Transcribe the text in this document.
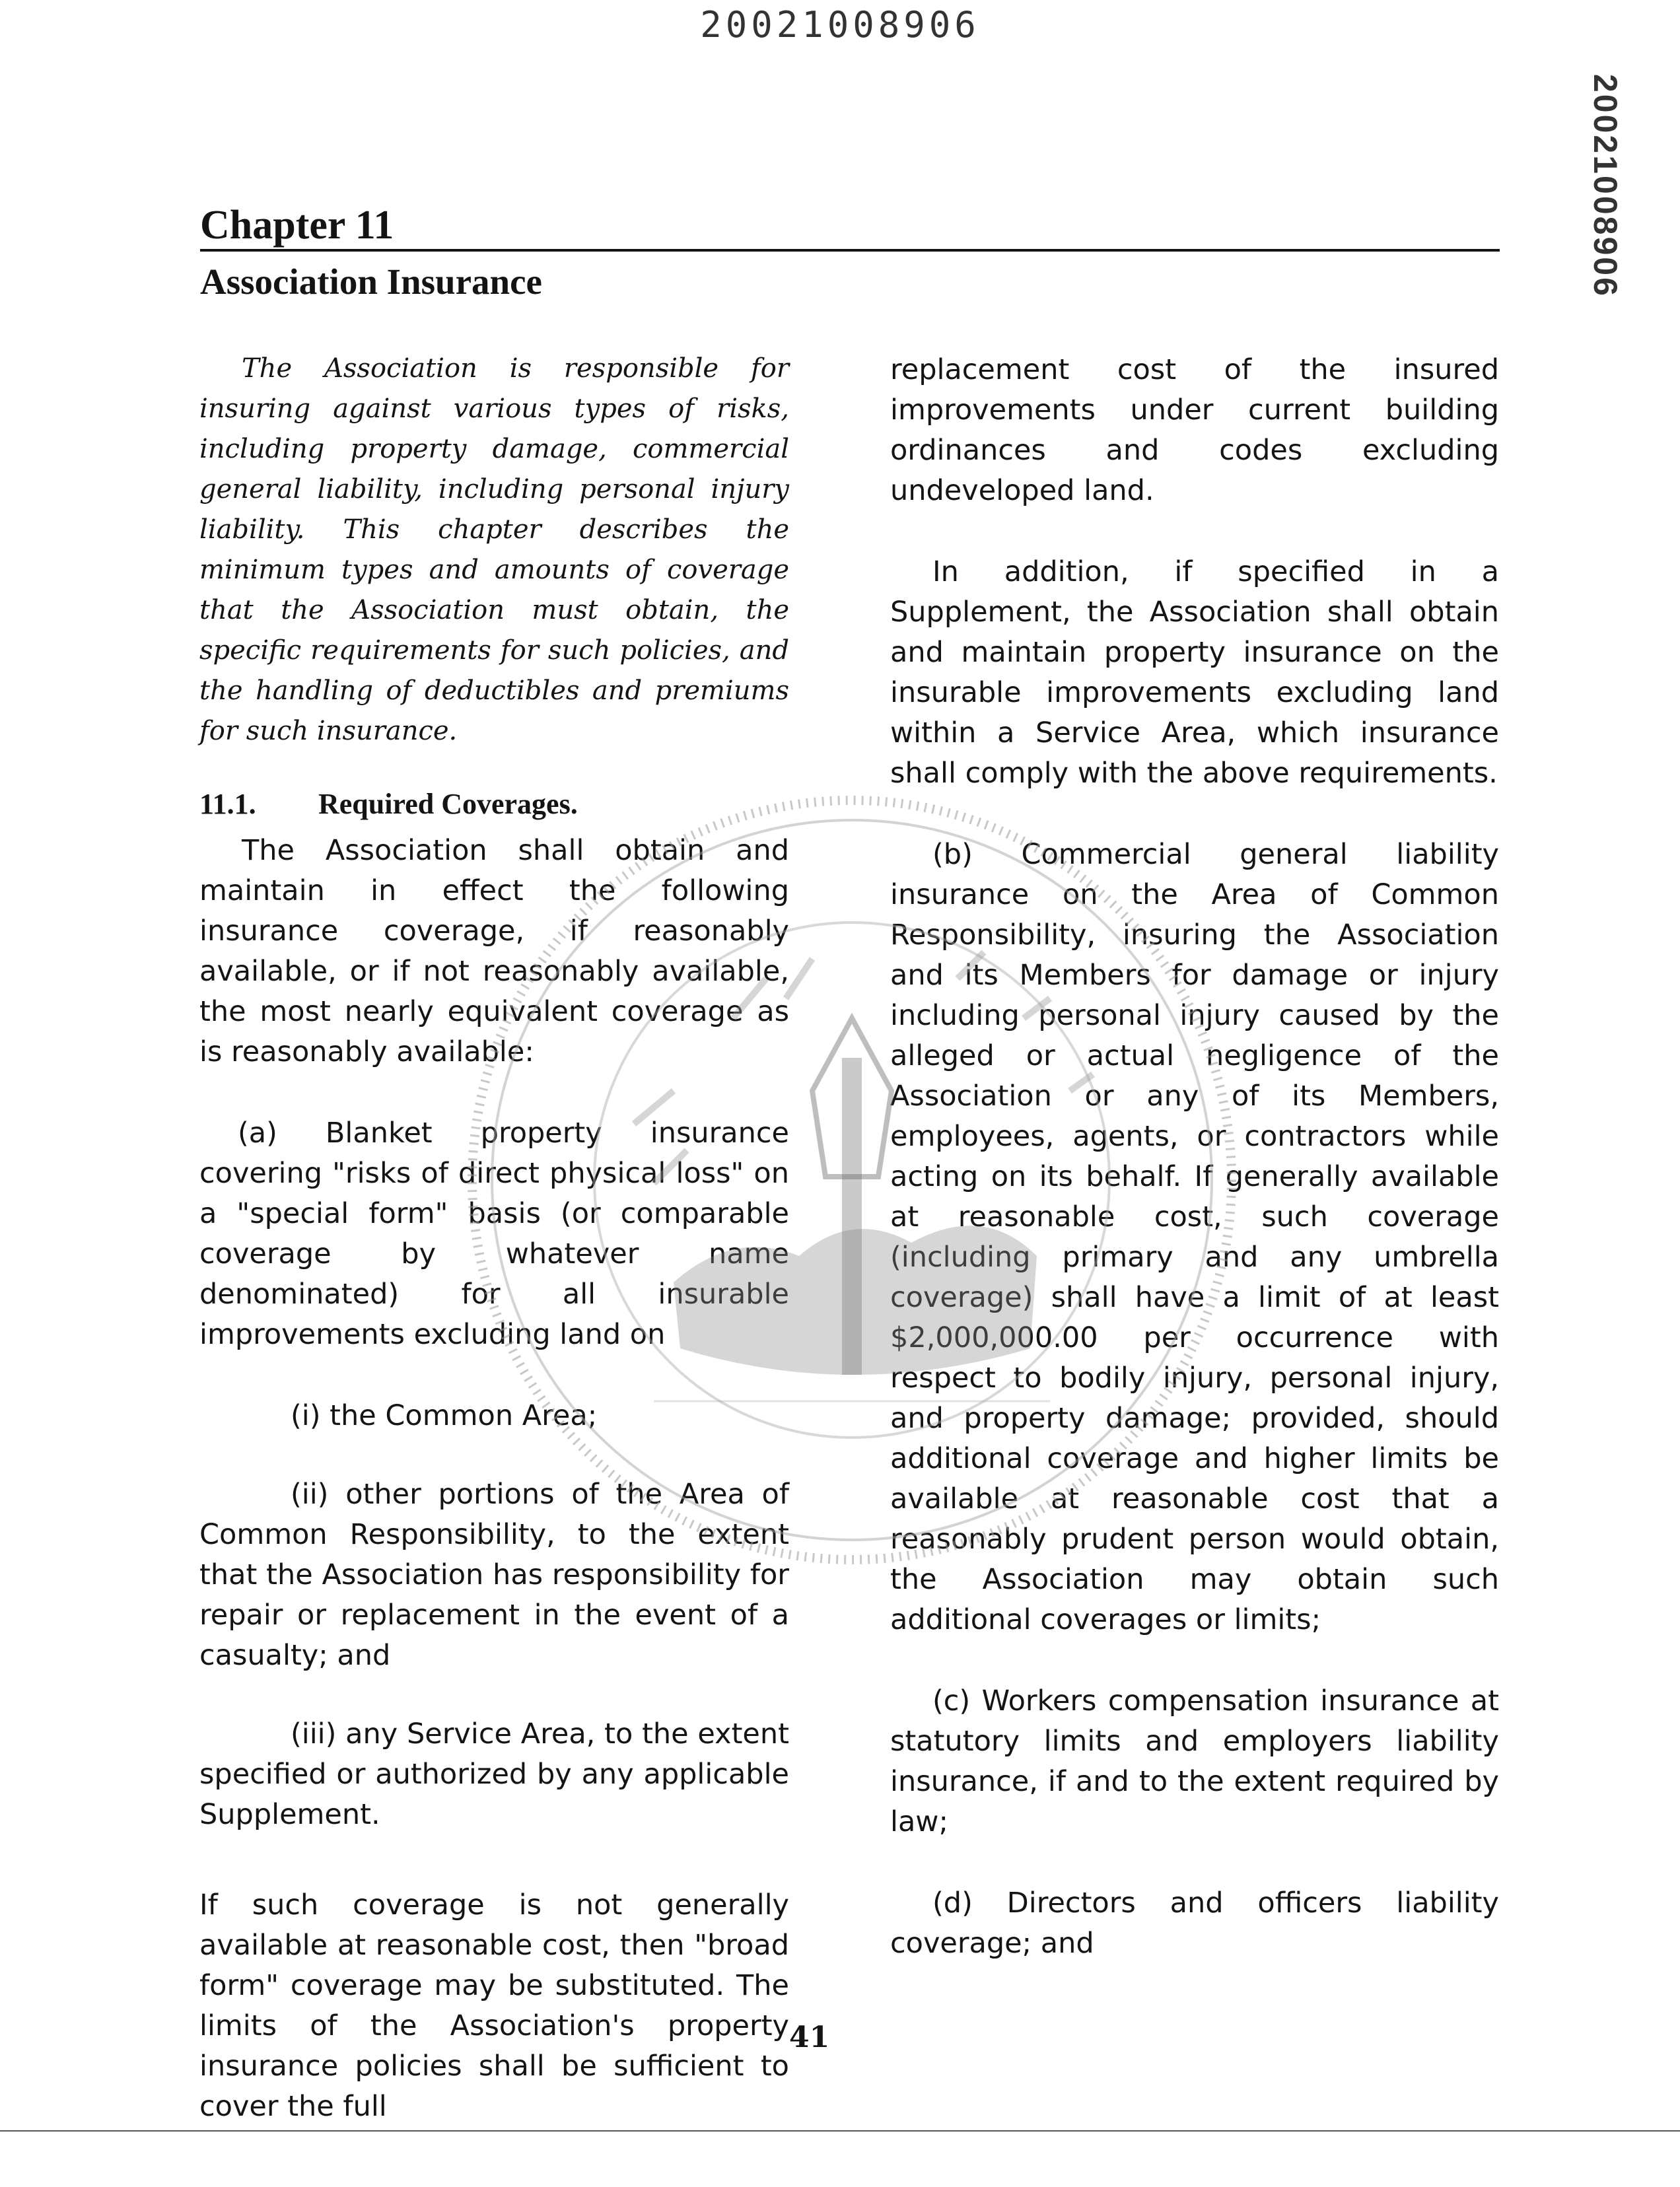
20021008906
20021008906
Chapter 11
Association Insurance

The Association is responsible for insuring against various types of risks, including property damage, commercial general liability, including personal injury liability. This chapter describes the minimum types and amounts of coverage that the Association must obtain, the specific requirements for such policies, and the handling of deductibles and premiums for such insurance.

11.1. Required Coverages.

The Association shall obtain and maintain in effect the following insurance coverage, if reasonably available, or if not reasonably available, the most nearly equivalent coverage as is reasonably available:

(a) Blanket property insurance covering "risks of direct physical loss" on a "special form" basis (or comparable coverage by whatever name denominated) for all insurable improvements excluding land on

(i) the Common Area;

(ii) other portions of the Area of Common Responsibility, to the extent that the Association has responsibility for repair or replacement in the event of a casualty; and

(iii) any Service Area, to the extent specified or authorized by any applicable Supplement.

If such coverage is not generally available at reasonable cost, then "broad form" coverage may be substituted. The limits of the Association's property insurance policies shall be sufficient to cover the full

replacement cost of the insured improvements under current building ordinances and codes excluding undeveloped land.

In addition, if specified in a Supplement, the Association shall obtain and maintain property insurance on the insurable improvements excluding land within a Service Area, which insurance shall comply with the above requirements.

(b) Commercial general liability insurance on the Area of Common Responsibility, insuring the Association and its Members for damage or injury including personal injury caused by the alleged or actual negligence of the Association or any of its Members, employees, agents, or contractors while acting on its behalf. If generally available at reasonable cost, such coverage (including primary and any umbrella coverage) shall have a limit of at least $2,000,000.00 per occurrence with respect to bodily injury, personal injury, and property damage; provided, should additional coverage and higher limits be available at reasonable cost that a reasonably prudent person would obtain, the Association may obtain such additional coverages or limits;

(c) Workers compensation insurance at statutory limits and employers liability insurance, if and to the extent required by law;

(d) Directors and officers liability coverage; and

41
